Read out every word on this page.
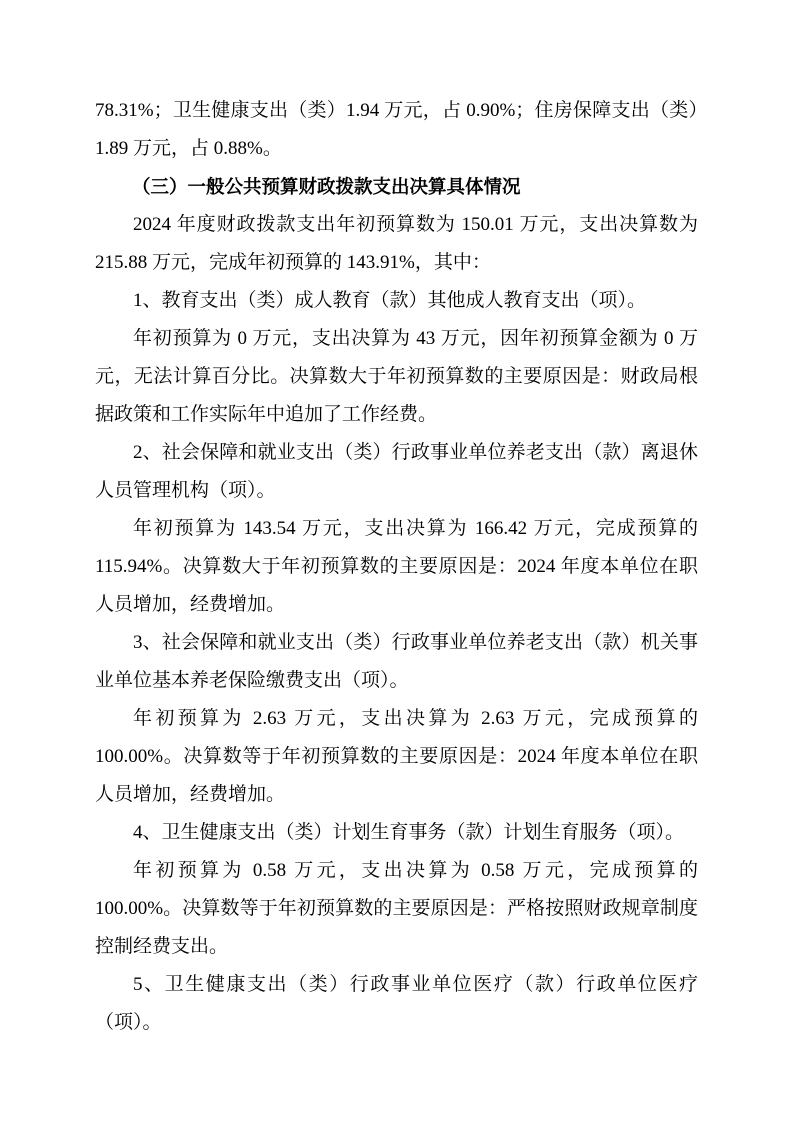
78.31%；卫生健康支出（类）1.94 万元，占 0.90%；住房保障支出（类）1.89 万元，占 0.88%。

（三）一般公共预算财政拨款支出决算具体情况

2024 年度财政拨款支出年初预算数为 150.01 万元，支出决算数为 215.88 万元，完成年初预算的 143.91%，其中：

1、教育支出（类）成人教育（款）其他成人教育支出（项）。

年初预算为 0 万元，支出决算为 43 万元，因年初预算金额为 0 万元，无法计算百分比。决算数大于年初预算数的主要原因是：财政局根据政策和工作实际年中追加了工作经费。

2、社会保障和就业支出（类）行政事业单位养老支出（款）离退休人员管理机构（项）。

年初预算为 143.54 万元，支出决算为 166.42 万元，完成预算的 115.94%。决算数大于年初预算数的主要原因是：2024 年度本单位在职人员增加，经费增加。

3、社会保障和就业支出（类）行政事业单位养老支出（款）机关事业单位基本养老保险缴费支出（项）。

年初预算为 2.63 万元，支出决算为 2.63 万元，完成预算的 100.00%。决算数等于年初预算数的主要原因是：2024 年度本单位在职人员增加，经费增加。

4、卫生健康支出（类）计划生育事务（款）计划生育服务（项）。

年初预算为 0.58 万元，支出决算为 0.58 万元，完成预算的 100.00%。决算数等于年初预算数的主要原因是：严格按照财政规章制度控制经费支出。

5、卫生健康支出（类）行政事业单位医疗（款）行政单位医疗（项）。
